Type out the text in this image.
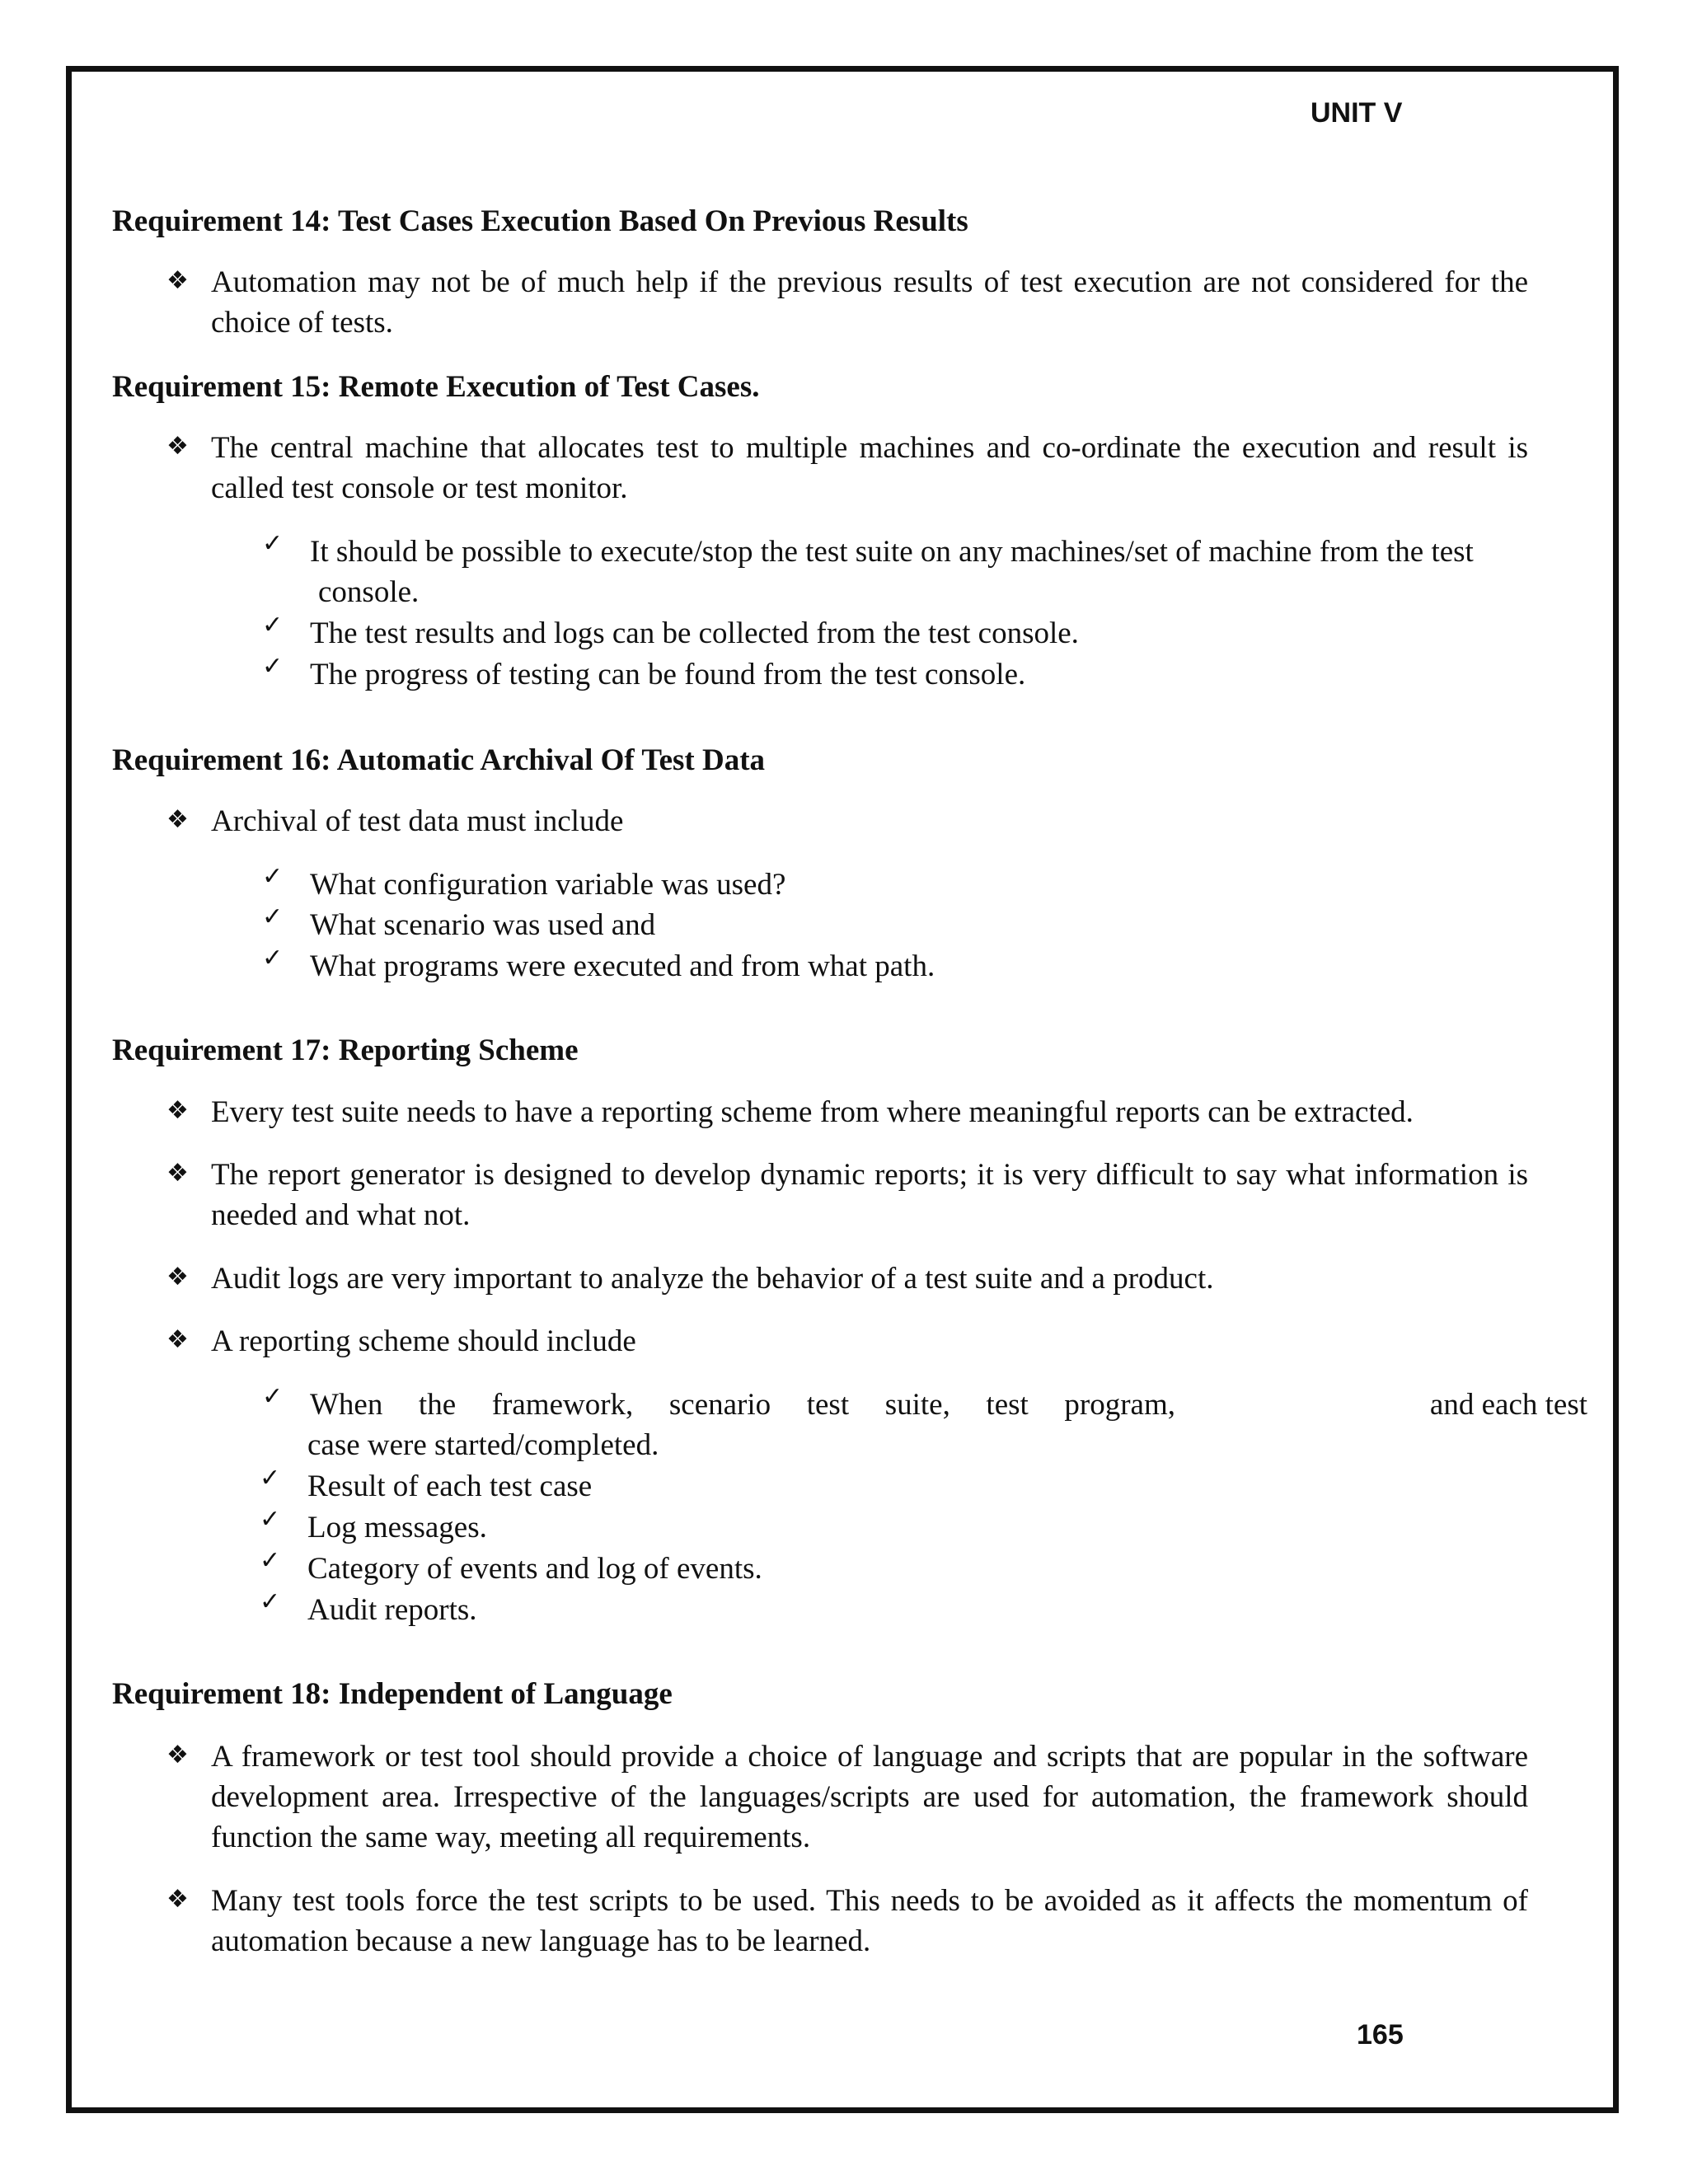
UNIT V
Requirement 14: Test Cases Execution Based On Previous Results
❖ Automation may not be of much help if the previous results of test execution are not considered for the choice of tests.
Requirement 15: Remote Execution of Test Cases.
❖ The central machine that allocates test to multiple machines and co-ordinate the execution and result is called test console or test monitor.
✓ It should be possible to execute/stop the test suite on any machines/set of machine from the test
console.
✓ The test results and logs can be collected from the test console.
✓ The progress of testing can be found from the test console.
Requirement 16: Automatic Archival Of Test Data
❖ Archival of test data must include
✓ What configuration variable was used?
✓ What scenario was used and
✓ What programs were executed and from what path.
Requirement 17: Reporting Scheme
❖ Every test suite needs to have a reporting scheme from where meaningful reports can be extracted.
❖ The report generator is designed to develop dynamic reports; it is very difficult to say what information is needed and what not.
❖ Audit logs are very important to analyze the behavior of a test suite and a product.
❖ A reporting scheme should include
✓ When the framework, scenario test suite, test program,	and each test
case were started/completed.
✓ Result of each test case
✓ Log messages.
✓ Category of events and log of events.
✓ Audit reports.
Requirement 18: Independent of Language
❖ A framework or test tool should provide a choice of language and scripts that are popular in the software development area. Irrespective of the languages/scripts are used for automation, the framework should function the same way, meeting all requirements.
❖ Many test tools force the test scripts to be used. This needs to be avoided as it affects the momentum of automation because a new language has to be learned.
165
